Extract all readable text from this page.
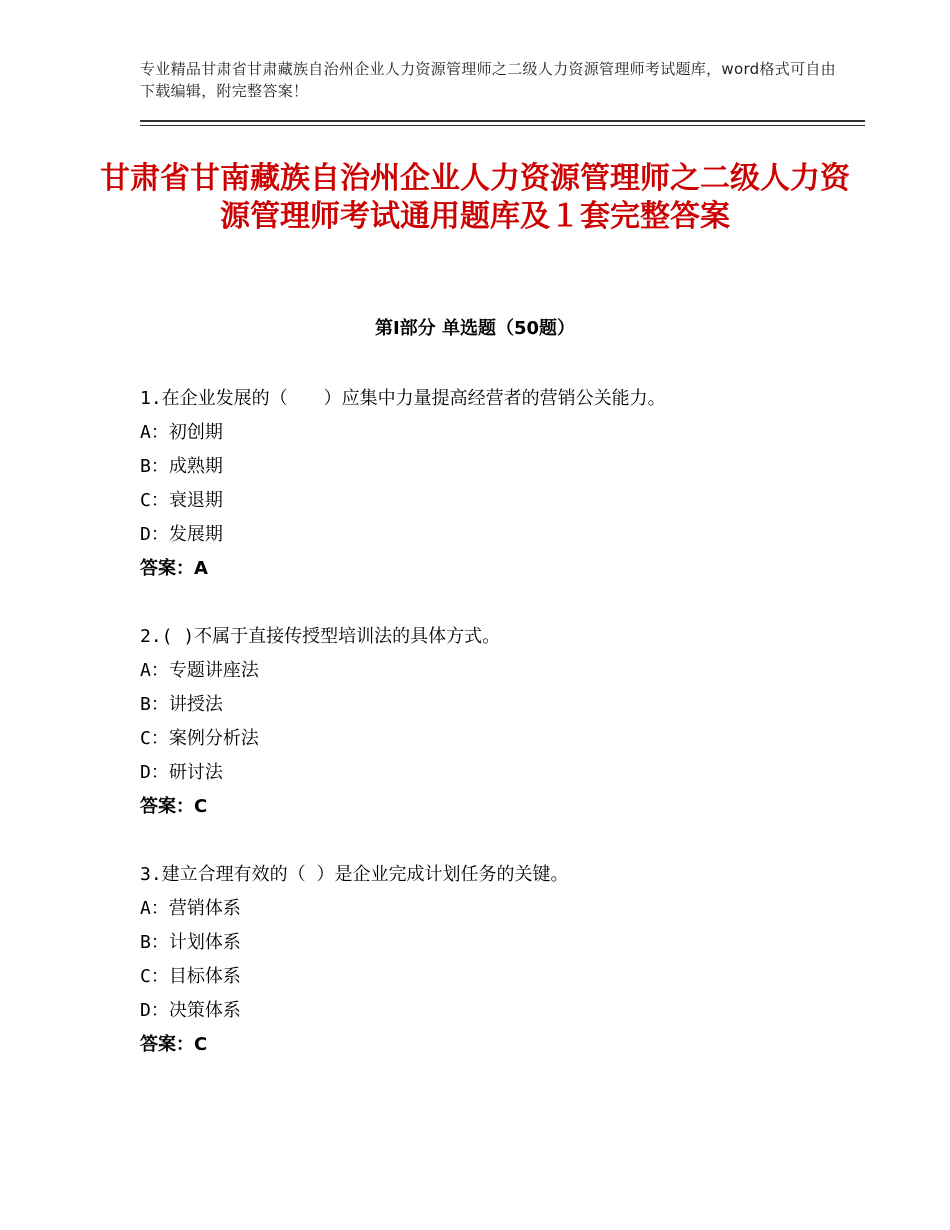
专业精品甘肃省甘肃藏族自治州企业人力资源管理师之二级人力资源管理师考试题库，word格式可自由下载编辑，附完整答案！
甘肃省甘南藏族自治州企业人力资源管理师之二级人力资源管理师考试通用题库及１套完整答案
第Ⅰ部分 单选题（50题）
1.在企业发展的（　　）应集中力量提高经营者的营销公关能力。
A：初创期
B：成熟期
C：衰退期
D：发展期
答案：A
2.( )不属于直接传授型培训法的具体方式。
A：专题讲座法
B：讲授法
C：案例分析法
D：研讨法
答案：C
3.建立合理有效的（ ）是企业完成计划任务的关键。
A：营销体系
B：计划体系
C：目标体系
D：决策体系
答案：C
